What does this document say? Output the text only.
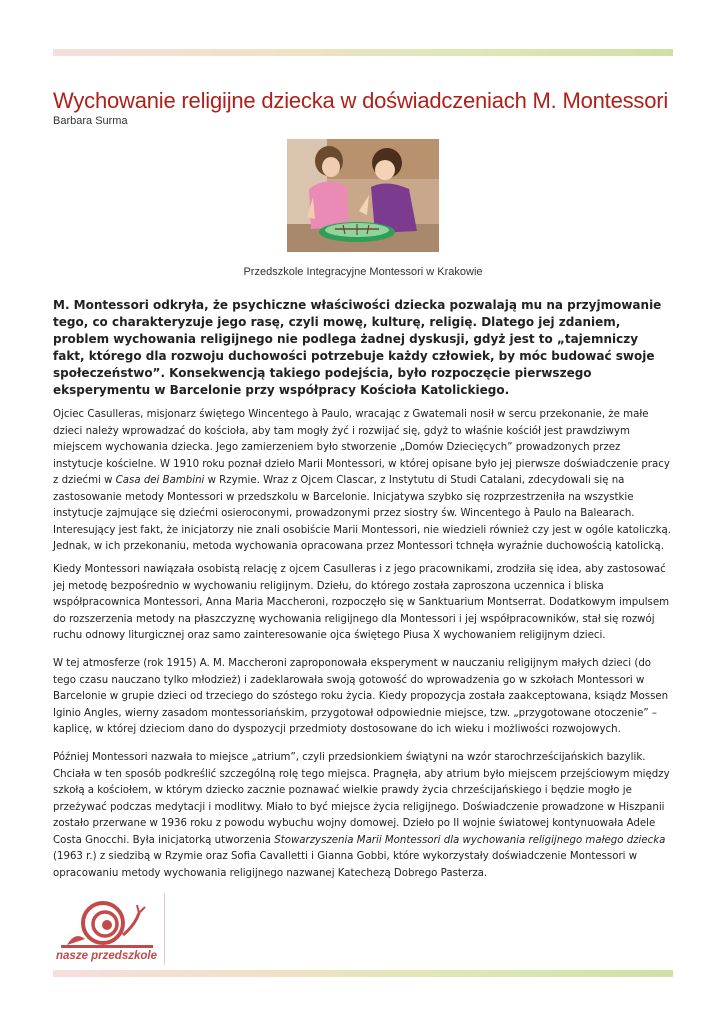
Wychowanie religijne dziecka w doświadczeniach M. Montessori
Barbara Surma
Przedszkole Integracyjne Montessori w Krakowie

M. Montessori odkryła, że psychiczne właściwości dziecka pozwalają mu na przyjmowanie tego, co charakteryzuje jego rasę, czyli mowę, kulturę, religię. Dlatego jej zdaniem, problem wychowania religijnego nie podlega żadnej dyskusji, gdyż jest to „tajemniczy fakt, którego dla rozwoju duchowości potrzebuje każdy człowiek, by móc budować swoje społeczeństwo”. Konsekwencją takiego podejścia, było rozpoczęcie pierwszego eksperymentu w Barcelonie przy współpracy Kościoła Katolickiego.

Ojciec Casulleras, misjonarz świętego Wincentego à Paulo, wracając z Gwatemali nosił w sercu przekonanie, że małe dzieci należy wprowadzać do kościoła, aby tam mogły żyć i rozwijać się, gdyż to właśnie kościół jest prawdziwym miejscem wychowania dziecka. Jego zamierzeniem było stworzenie „Domów Dziecięcych” prowadzonych przez instytucje kościelne. W 1910 roku poznał dzieło Marii Montessori, w której opisane było jej pierwsze doświadczenie pracy z dziećmi w Casa dei Bambini w Rzymie. Wraz z Ojcem Clascar, z Instytutu di Studi Catalani, zdecydowali się na zastosowanie metody Montessori w przedszkolu w Barcelonie. Inicjatywa szybko się rozprzestrzeniła na wszystkie instytucje zajmujące się dziećmi osieroconymi, prowadzonymi przez siostry św. Wincentego à Paulo na Balearach. Interesujący jest fakt, że inicjatorzy nie znali osobiście Marii Montessori, nie wiedzieli również czy jest w ogóle katoliczką. Jednak, w ich przekonaniu, metoda wychowania opracowana przez Montessori tchnęła wyraźnie duchowością katolicką.

Kiedy Montessori nawiązała osobistą relację z ojcem Casulleras i z jego pracownikami, zrodziła się idea, aby zastosować jej metodę bezpośrednio w wychowaniu religijnym. Dziełu, do którego została zaproszona uczennica i bliska współpracownica Montessori, Anna Maria Maccheroni, rozpoczęło się w Sanktuarium Montserrat. Dodatkowym impulsem do rozszerzenia metody na płaszczyznę wychowania religijnego dla Montessori i jej współpracowników, stał się rozwój ruchu odnowy liturgicznej oraz samo zainteresowanie ojca świętego Piusa X wychowaniem religijnym dzieci.

W tej atmosferze (rok 1915) A. M. Maccheroni zaproponowała eksperyment w nauczaniu religijnym małych dzieci (do tego czasu nauczano tylko młodzież) i zadeklarowała swoją gotowość do wprowadzenia go w szkołach Montessori w Barcelonie w grupie dzieci od trzeciego do szóstego roku życia. Kiedy propozycja została zaakceptowana, ksiądz Mossen Iginio Angles, wierny zasadom montessoriańskim, przygotował odpowiednie miejsce, tzw. „przygotowane otoczenie” – kaplicę, w której dzieciom dano do dyspozycji przedmioty dostosowane do ich wieku i możliwości rozwojowych.

Później Montessori nazwała to miejsce „atrium”, czyli przedsionkiem świątyni na wzór starochrześcijańskich bazylik. Chciała w ten sposób podkreślić szczególną rolę tego miejsca. Pragnęła, aby atrium było miejscem przejściowym między szkołą a kościołem, w którym dziecko zacznie poznawać wielkie prawdy życia chrześcijańskiego i będzie mogło je przeżywać podczas medytacji i modlitwy. Miało to być miejsce życia religijnego. Doświadczenie prowadzone w Hiszpanii zostało przerwane w 1936 roku z powodu wybuchu wojny domowej. Dzieło po II wojnie światowej kontynuowała Adele Costa Gnocchi. Była inicjatorką utworzenia Stowarzyszenia Marii Montessori dla wychowania religijnego małego dziecka (1963 r.) z siedzibą w Rzymie oraz Sofia Cavalletti i Gianna Gobbi, które wykorzystały doświadczenie Montessori w opracowaniu metody wychowania religijnego nazwanej Katechezą Dobrego Pasterza.

nasze przedszkole
